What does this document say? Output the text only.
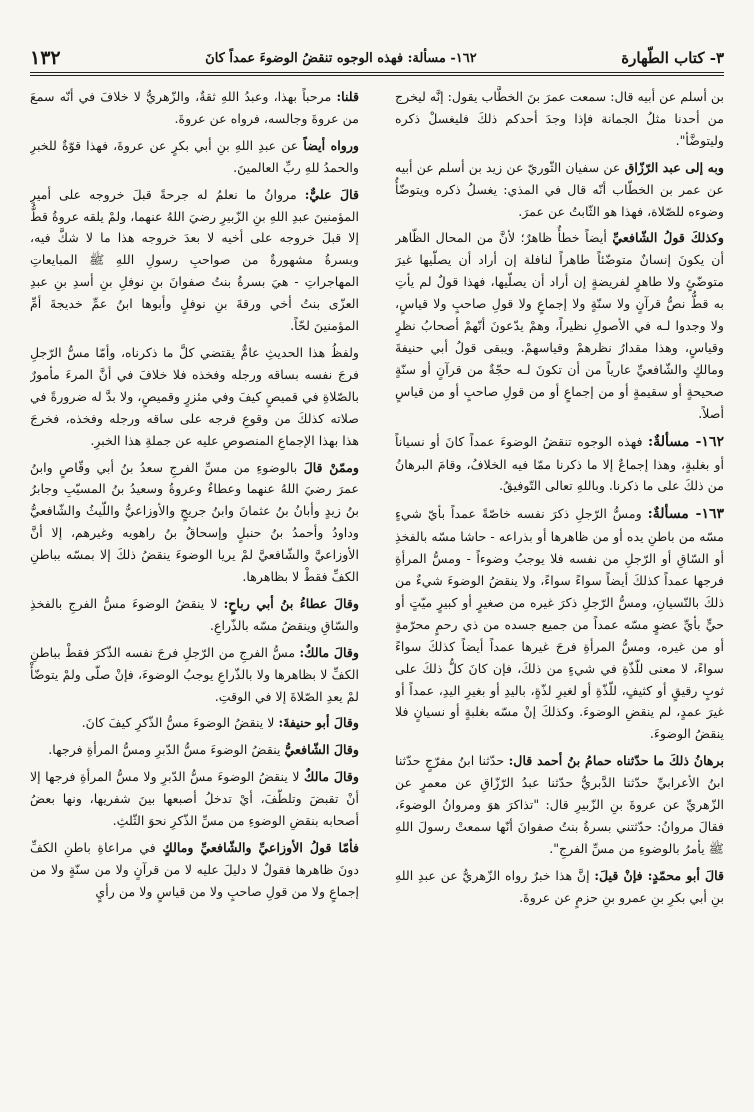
٣- كتاب الطّهارة
١٦٢- مسألة: فهذه الوجوه تنقضُ الوضوءَ عمداً كانَ
١٣٢

بن أسلم عن أبيه قال: سمعت عمرَ بنَ الخطَّاب يقول: إنَّه ليخرج من أحدنا مثلُ الجمانة فإذا وجدَ أحدكم ذلكَ فليغسلْ ذكره وليتوضَّأ".

وبه إلى عبد الرّزّاق عن سفيان الثّوريّ عن زيد بن أسلم عن أبيه عن عمر بن الخطّاب أنّه قال في المذي: يغسلُ ذكره ويتوضّأُ وضوءه للصّلاة، فهذا هو الثّابتُ عن عمرَ.

وكذلكَ قولُ الشّافعيِّ أيضاً خطأٌ ظاهرٌ؛ لأنَّ من المحال الظّاهر أن يكونَ إنسانٌ متوضّئاً طاهراً لنافلة إن أراد أن يصلّيها غيرَ متوضّئٍ ولا طاهرٍ لفريضةٍ إن أراد أن يصلّيها، فهذا قولٌ لم يأتِ به قطُّ نصُّ قرآنٍ ولا سنّةٍ ولا إجماعٍ ولا قولِ صاحبٍ ولا قياسٍ، ولا وجدوا لـه في الأصولِ نظيراً، وهمْ يدّعونَ أنّهمْ أصحابُ نظرٍ وقياسٍ، وهذا مقدارُ نظرهمْ وقياسهمْ. ويبقى قولُ أبي حنيفةَ ومالكٍ والشّافعيِّ عارياً من أن تكونَ لـه حجّةٌ من قرآنٍ أو سنّةٍ صحيحةٍ أو سقيمةٍ أو من إجماعٍ أو من قولِ صاحبٍ أو من قياسٍ أصلاً.

١٦٢- مسألةٌ: فهذه الوجوه تنقضُ الوضوءَ عمداً كانَ أو نسياناً أو بغلبةٍ، وهذا إجماعٌ إلا ما ذكرنا ممّا فيه الخلافُ، وقامَ البرهانُ من ذلكَ على ما ذكرنا. وباللهِ تعالى التّوفيقُ.

١٦٣- مسألةٌ: ومسُّ الرّجلِ ذكرَ نفسه خاصّةً عمداً بأيّ شيءٍ مسّه من باطنِ يده أو من ظاهرها أو بذراعه - حاشا مسّه بالفخذِ أو السّاقِ أو الرّجلِ من نفسه فلا يوجبُ وضوءاً - ومسُّ المرأةِ فرجها عمداً كذلكَ أيضاً سواءً سواءً، ولا ينقضُ الوضوءَ شيءٌ من ذلكَ بالنّسيانِ، ومسُّ الرّجلِ ذكرَ غيره من صغيرٍ أو كبيرٍ ميّتٍ أو حيٍّ بأيِّ عضوٍ مسّه عمداً من جميع جسده من ذي رحمٍ محرّمةٍ أو من غيره، ومسُّ المرأةِ فرجَ غيرها عمداً أيضاً كذلكَ سواءً سواءً، لا معنى للّذّةِ في شيءٍ من ذلكَ، فإن كانَ كلُّ ذلكَ على ثوبٍ رقيقٍ أو كثيفٍ، للّذّةِ أو لغيرِ لذّةٍ، باليدِ أو بغيرِ اليدِ، عمداً أو غيرَ عمدٍ، لم ينقضِ الوضوءَ. وكذلكَ إنْ مسّه بغلبةٍ أو نسيانٍ فلا ينقضُ الوضوءَ.

برهانُ ذلكَ ما حدّثناه حمامُ بنُ أحمد قال: حدّثنا ابنُ مفرّجٍ حدّثنا ابنُ الأعرابيِّ حدّثنا الدَّبريُّ حدّثنا عبدُ الرّزّاقِ عن معمرٍ عن الزّهريِّ عن عروةَ بنِ الزّبيرِ قال: "تذاكرَ هوَ ومروانُ الوضوءَ، فقالَ مروانُ: حدّثتني بسرةُ بنتُ صفوانَ أنّها سمعتْ رسولَ اللهِ ﷺ يأمرُ بالوضوءِ من مسِّ الفرجِ".

قالَ أبو محمّدٍ: فإنْ قيلَ: إنَّ هذا خبرٌ رواه الزّهريُّ عن عبدِ اللهِ بنِ أبي بكرِ بنِ عمرو بنِ حزمٍ عن عروةَ.

قلنا: مرحباً بهذا، وعبدُ اللهِ ثقةٌ، والزّهريُّ لا خلافَ في أنّه سمعَ من عروةَ وجالسه، فرواه عن عروةَ.

ورواه أيضاً عن عبدِ اللهِ بنِ أبي بكرٍ عن عروةَ، فهذا قوّةٌ للخبرِ والحمدُ للهِ ربِّ العالمينَ.

قالَ عليٌّ: مروانُ ما نعلمُ له جرحةً قبلَ خروجه على أميرِ المؤمنينَ عبدِ اللهِ بنِ الزّبيرِ رضيَ اللهُ عنهما، ولمْ يلقه عروةُ قطُّ إلا قبلَ خروجه على أخيه لا بعدَ خروجه هذا ما لا شكَّ فيه، وبسرةُ مشهورةٌ من صواحبِ رسولِ اللهِ ﷺ المبايعاتِ المهاجراتِ - هيَ بسرةُ بنتُ صفوانَ بنِ نوفلِ بنِ أسدِ بنِ عبدِ العزّى بنتُ أخي ورقةَ بنِ نوفلٍ وأبوها ابنُ عمِّ خديجةَ أمِّ المؤمنينَ لحّاً.

ولفظُ هذا الحديثِ عامٌّ يقتضي كلَّ ما ذكرناه، وأمّا مسُّ الرّجلِ فرجَ نفسه بساقه ورجله وفخذه فلا خلافَ في أنَّ المرءَ مأمورٌ بالصّلاةِ في قميصٍ كيفَ وفي مئزرٍ وقميصٍ، ولا بدَّ له ضرورةً في صلاته كذلكَ من وقوعِ فرجه على ساقه ورجله وفخذه، فخرجَ هذا بهذا الإجماعِ المنصوصِ عليه عن جملةِ هذا الخبرِ.

وممّنْ قالَ بالوضوءِ من مسِّ الفرجِ سعدُ بنُ أبي وقّاصٍ وابنُ عمرَ رضيَ اللهُ عنهما وعطاءٌ وعروةُ وسعيدُ بنُ المسيّبِ وجابرُ بنُ زيدٍ وأبانُ بنُ عثمانَ وابنُ جريجٍ والأوزاعيُّ واللّيثُ والشّافعيُّ وداودُ وأحمدُ بنُ حنبلٍ وإسحاقُ بنُ راهويه وغيرهم، إلا أنَّ الأوزاعيَّ والشّافعيَّ لمْ يريا الوضوءَ ينقضُ ذلكَ إلا بمسّه بباطنِ الكفِّ فقطْ لا بظاهرها.

وقالَ عطاءُ بنُ أبي رباحٍ: لا ينقضُ الوضوءَ مسُّ الفرجِ بالفخذِ والسّاقِ وينقضُ مسّه بالذّراعِ.

وقالَ مالكٌ: مسُّ الفرجِ من الرّجلِ فرجَ نفسه الذّكرَ فقطْ بباطنِ الكفِّ لا بظاهرها ولا بالذّراعِ يوجبُ الوضوءَ، فإنْ صلّى ولمْ يتوضّأْ لمْ يعدِ الصّلاةَ إلا في الوقتِ.

وقالَ أبو حنيفةَ: لا ينقضُ الوضوءَ مسُّ الذّكرِ كيفَ كانَ.

وقالَ الشّافعيُّ ينقضُ الوضوءَ مسُّ الدّبرِ ومسُّ المرأةِ فرجها.

وقالَ مالكٌ لا ينقضُ الوضوءَ مسُّ الدّبرِ ولا مسُّ المرأةِ فرجها إلا أنْ تقبضَ وتلطّفَ، أيْ تدخلُ أصبعها بينَ شفريها، ونها بعضُ أصحابه بنقضِ الوضوءِ من مسِّ الذّكرِ نحوَ الثّلثِ.

فأمّا قولُ الأوزاعيِّ والشّافعيِّ ومالكٍ في مراعاةِ باطنِ الكفِّ دونَ ظاهرها فقولٌ لا دليلَ عليه لا من قرآنٍ ولا من سنّةٍ ولا من إجماعٍ ولا من قولِ صاحبٍ ولا من قياسٍ ولا من رأيٍ
